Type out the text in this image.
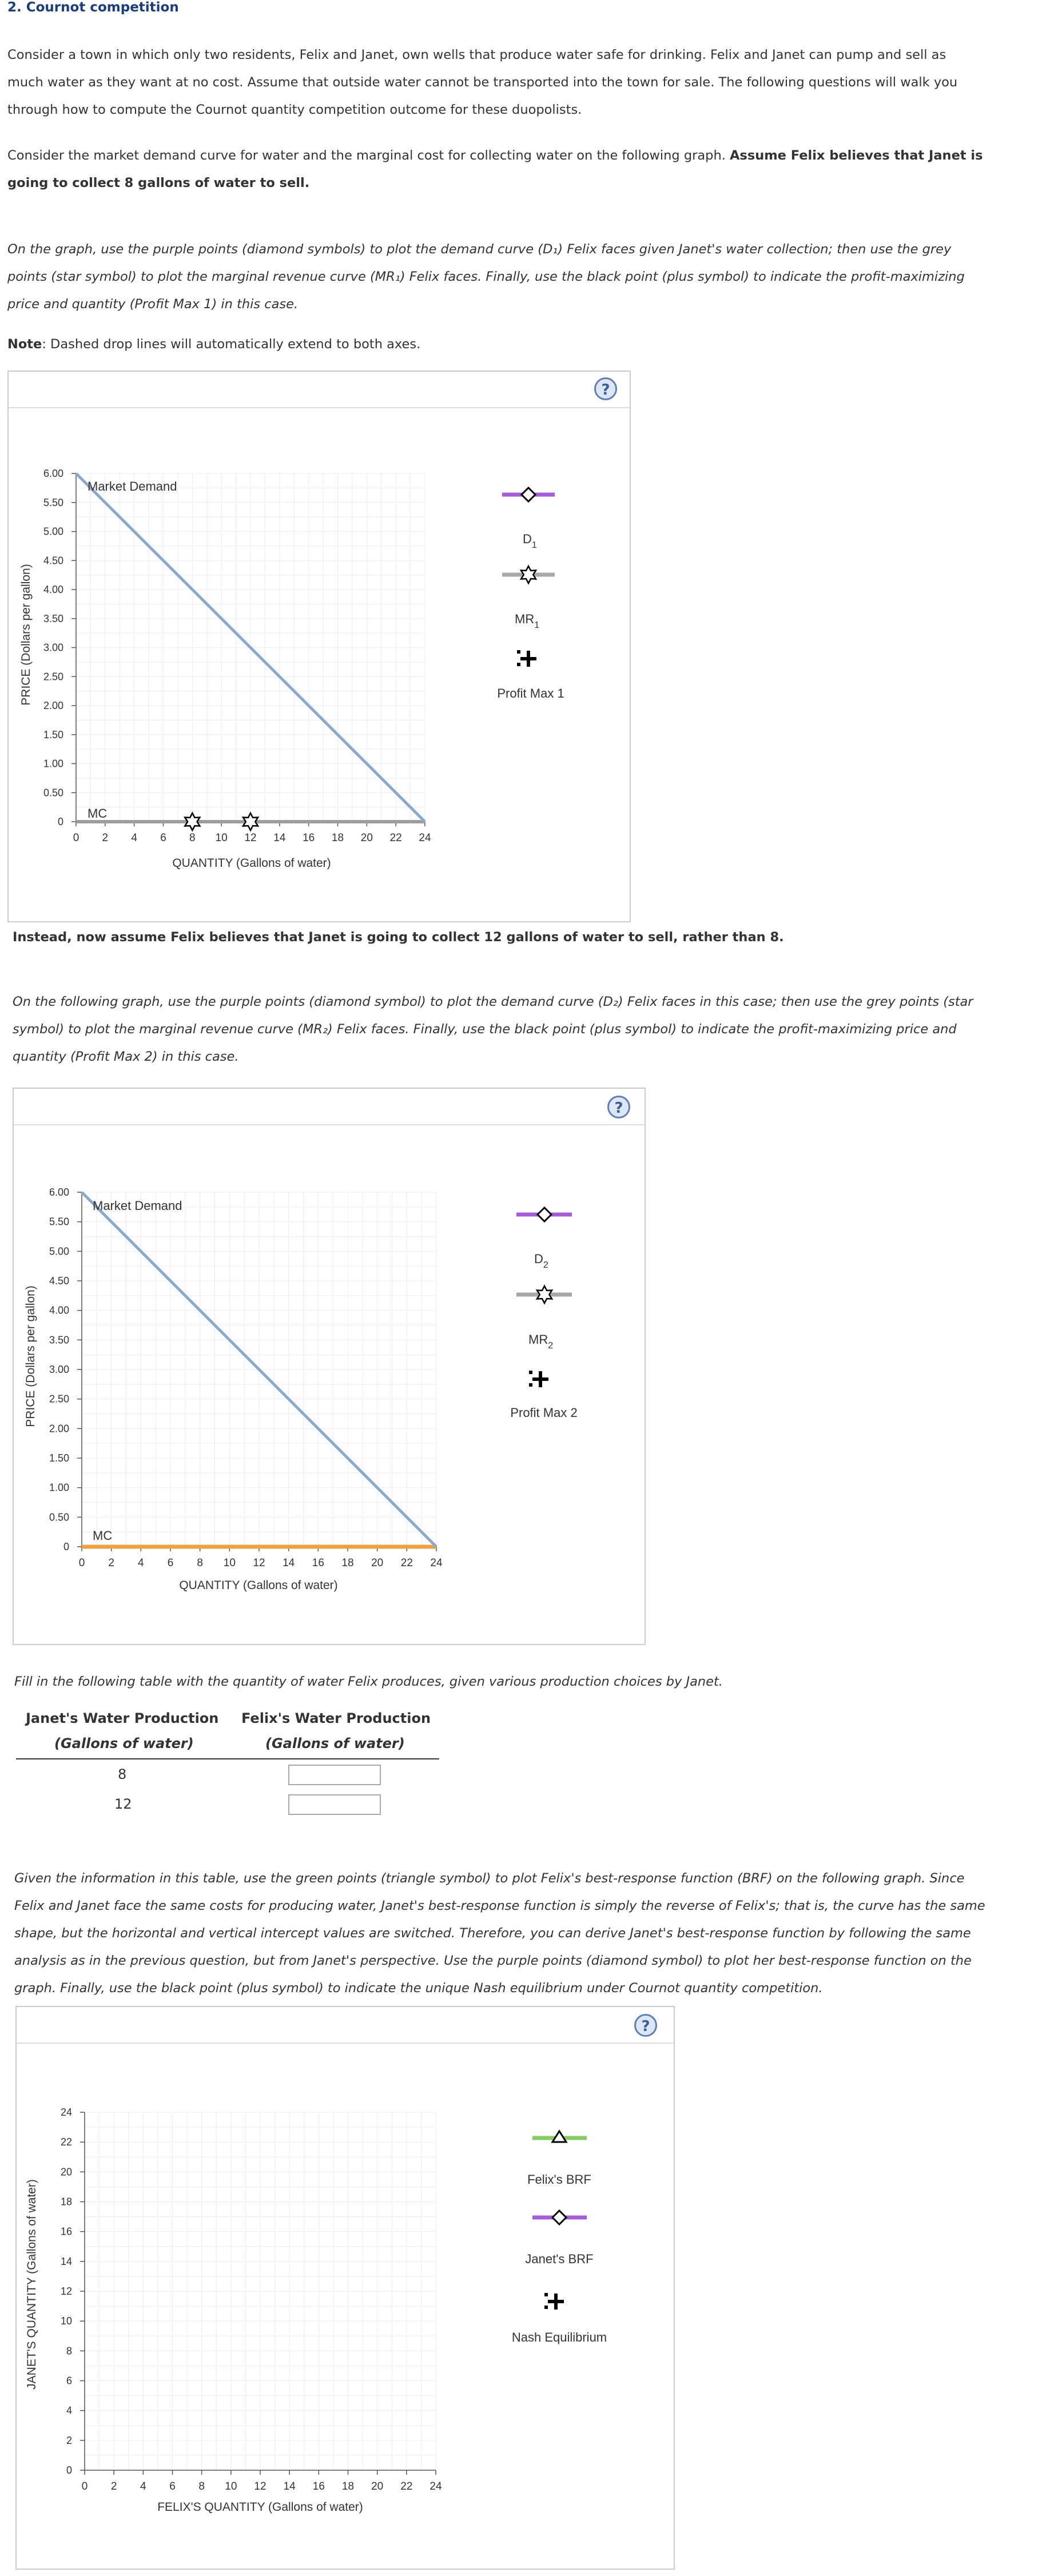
2. Cournot competition
Consider a town in which only two residents, Felix and Janet, own wells that produce water safe for drinking. Felix and Janet can pump and sell as
much water as they want at no cost. Assume that outside water cannot be transported into the town for sale. The following questions will walk you
through how to compute the Cournot quantity competition outcome for these duopolists.
Consider the market demand curve for water and the marginal cost for collecting water on the following graph. Assume Felix believes that Janet is
going to collect 8 gallons of water to sell.
On the graph, use the purple points (diamond symbols) to plot the demand curve (D₁) Felix faces given Janet's water collection; then use the grey
points (star symbol) to plot the marginal revenue curve (MR₁) Felix faces. Finally, use the black point (plus symbol) to indicate the profit-maximizing
price and quantity (Profit Max 1) in this case.
Note: Dashed drop lines will automatically extend to both axes.
?
0 2 4 6 8 10 12 14 16 18 20 22 24
0
0.50
1.00
1.50
2.00
2.50
3.00
3.50
4.00
4.50
5.00
5.50
6.00
Market Demand
MC
PRICE (Dollars per gallon)
QUANTITY (Gallons of water)
$D_1$
$MR_1$
Profit Max 1
Instead, now assume Felix believes that Janet is going to collect 12 gallons of water to sell, rather than 8.
On the following graph, use the purple points (diamond symbol) to plot the demand curve (D₂) Felix faces in this case; then use the grey points (star
symbol) to plot the marginal revenue curve (MR₂) Felix faces. Finally, use the black point (plus symbol) to indicate the profit-maximizing price and
quantity (Profit Max 2) in this case.
?
0 2 4 6 8 10 12 14 16 18 20 22 24
0
0.50
1.00
1.50
2.00
2.50
3.00
3.50
4.00
4.50
5.00
5.50
6.00
Market Demand
MC
PRICE (Dollars per gallon)
QUANTITY (Gallons of water)
$D_2$
$MR_2$
Profit Max 2
Fill in the following table with the quantity of water Felix produces, given various production choices by Janet.
Janet's Water Production
(Gallons of water)
Felix's Water Production
(Gallons of water)
8
12
Given the information in this table, use the green points (triangle symbol) to plot Felix's best-response function (BRF) on the following graph. Since
Felix and Janet face the same costs for producing water, Janet's best-response function is simply the reverse of Felix's; that is, the curve has the same
shape, but the horizontal and vertical intercept values are switched. Therefore, you can derive Janet's best-response function by following the same
analysis as in the previous question, but from Janet's perspective. Use the purple points (diamond symbol) to plot her best-response function on the
graph. Finally, use the black point (plus symbol) to indicate the unique Nash equilibrium under Cournot quantity competition.
?
0 2 4 6 8 10 12 14 16 18 20 22 24
0
2
4
6
8
10
12
14
16
18
20
22
24
JANET'S QUANTITY (Gallons of water)
FELIX'S QUANTITY (Gallons of water)
Felix's BRF
Janet's BRF
Nash Equilibrium
